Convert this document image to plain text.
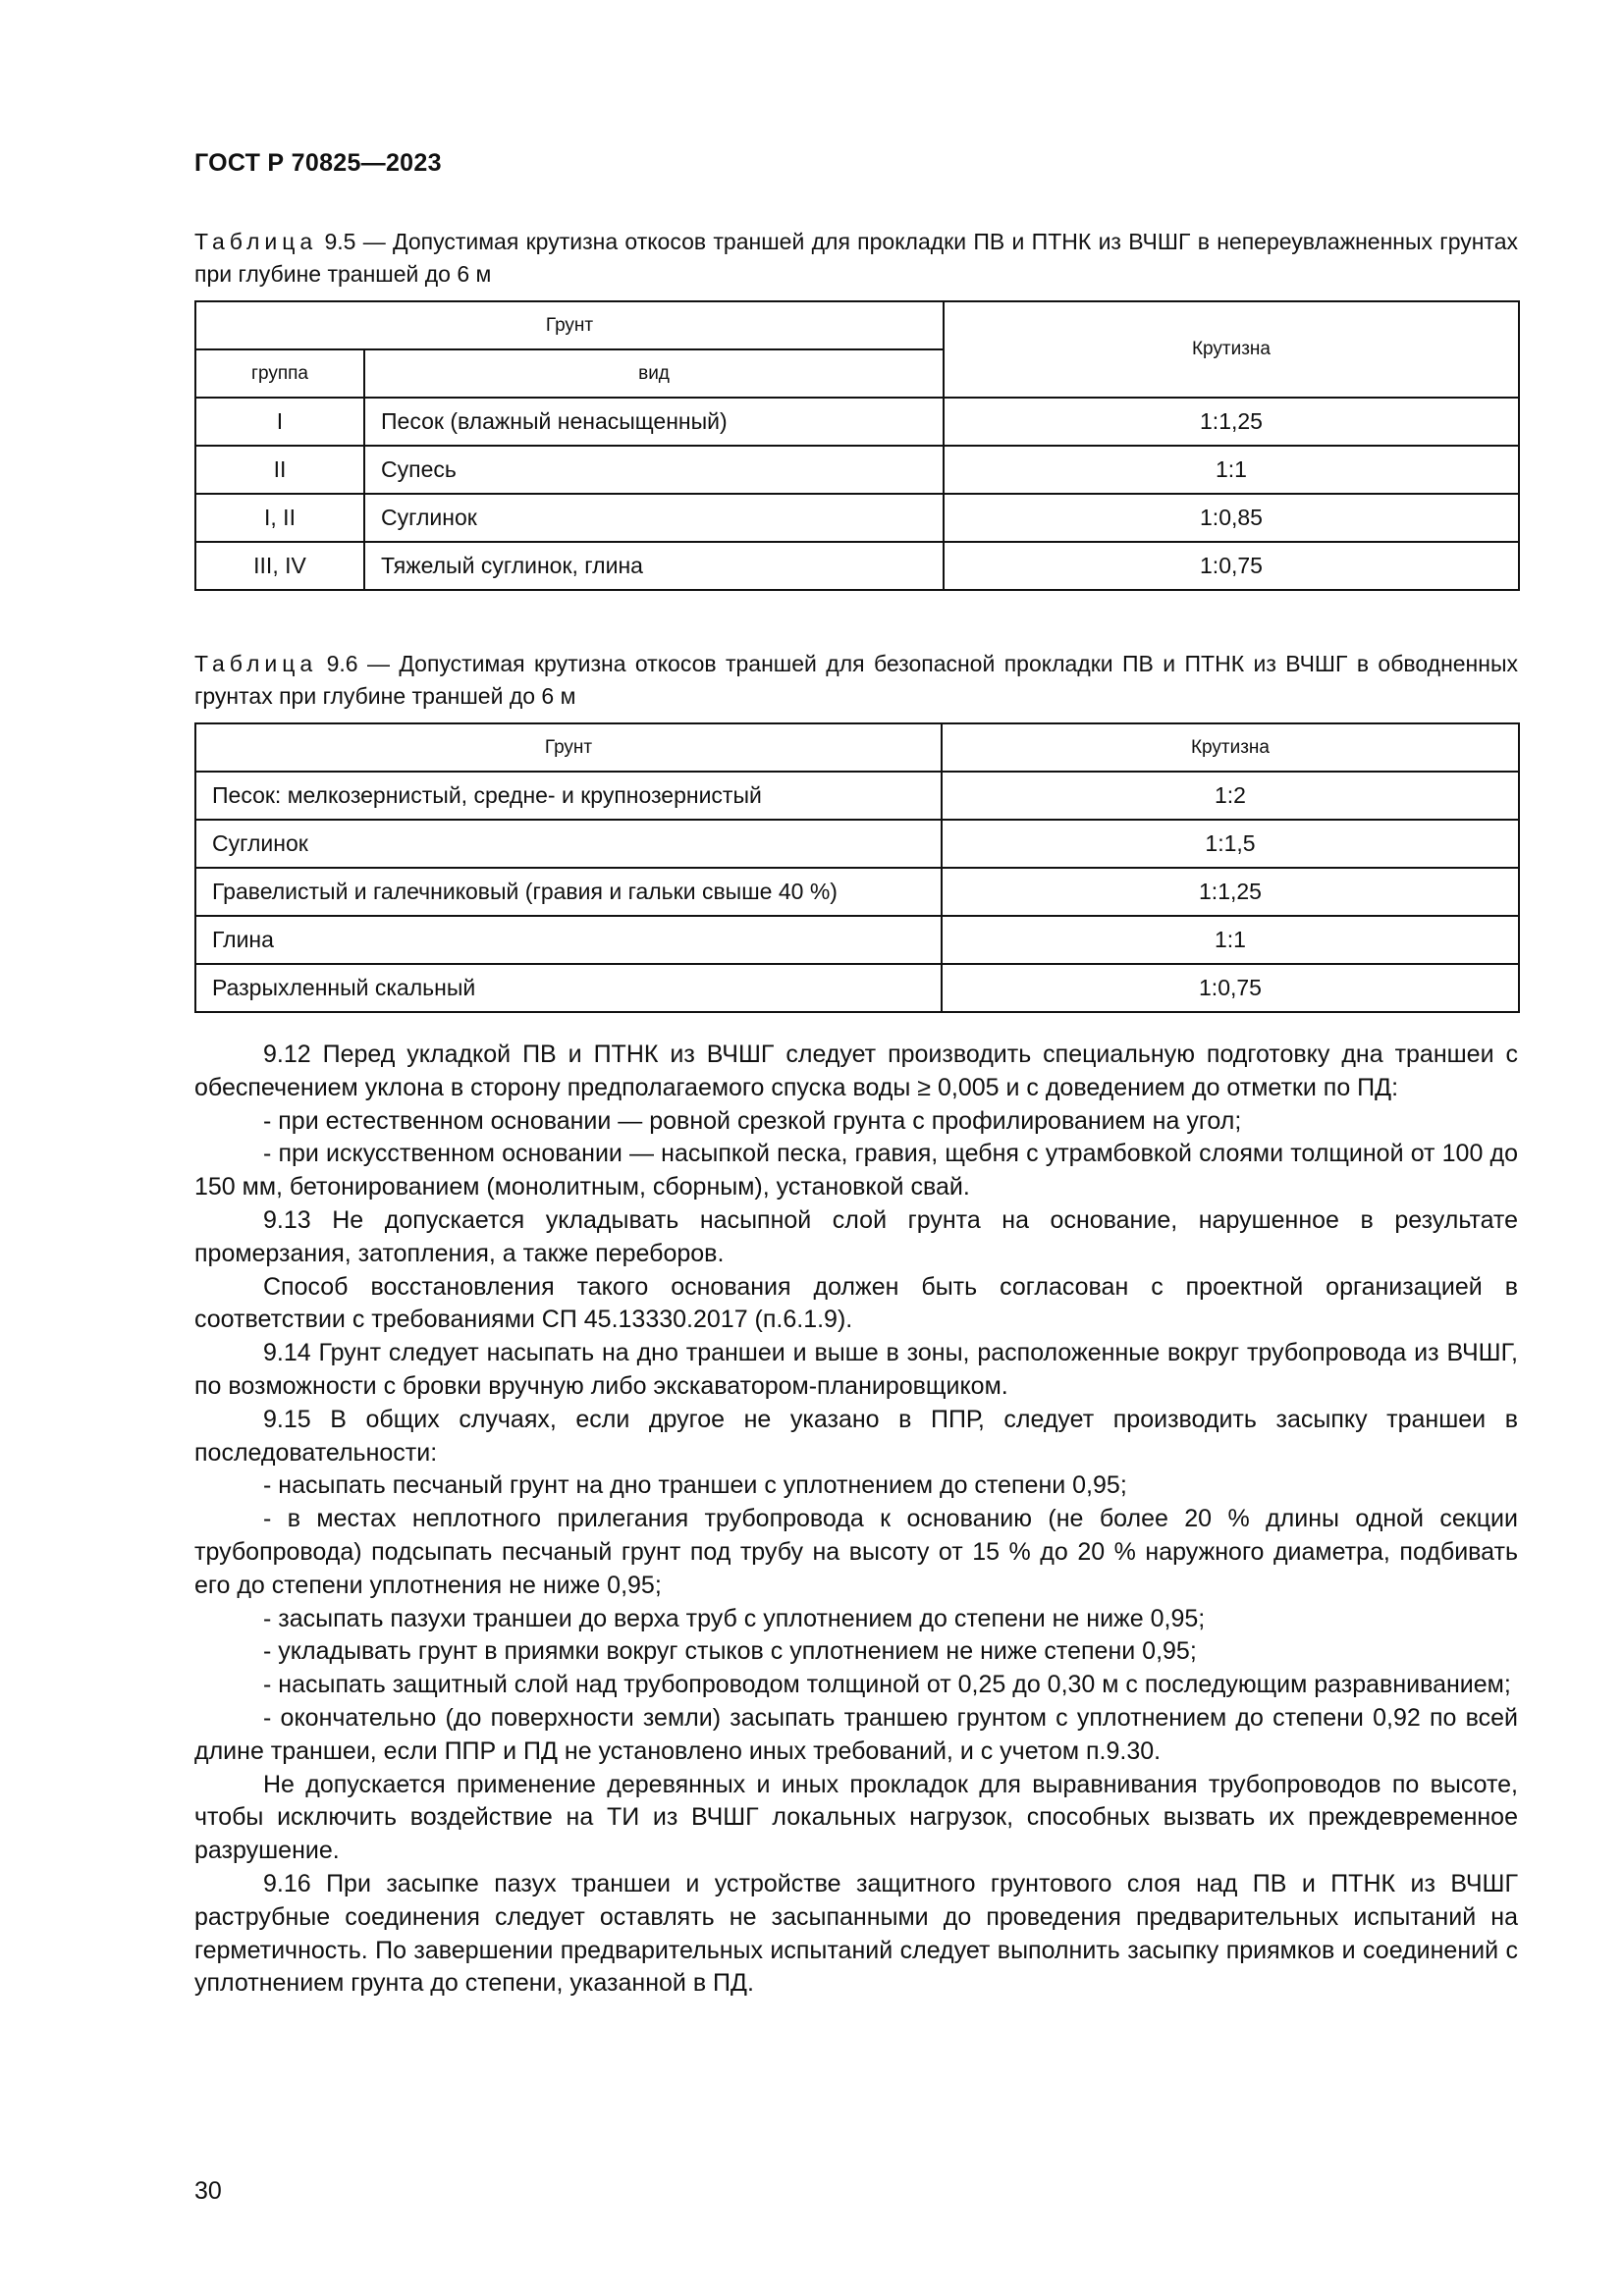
ГОСТ Р 70825—2023
Таблица 9.5 — Допустимая крутизна откосов траншей для прокладки ПВ и ПТНК из ВЧШГ в непереувлажненных грунтах при глубине траншей до 6 м
Грунт		Крутизна
группа	вид	
I	Песок (влажный ненасыщенный)	1:1,25
II	Супесь	1:1
I, II	Суглинок	1:0,85
III, IV	Тяжелый суглинок, глина	1:0,75
Таблица 9.6 — Допустимая крутизна откосов траншей для безопасной прокладки ПВ и ПТНК из ВЧШГ в обводненных грунтах при глубине траншей до 6 м
Грунт	Крутизна
Песок: мелкозернистый, средне- и крупнозернистый	1:2
Суглинок	1:1,5
Гравелистый и галечниковый (гравия и гальки свыше 40 %)	1:1,25
Глина	1:1
Разрыхленный скальный	1:0,75

9.12 Перед укладкой ПВ и ПТНК из ВЧШГ следует производить специальную подготовку дна траншеи с обеспечением уклона в сторону предполагаемого спуска воды ≥ 0,005 и с доведением до отметки по ПД:

- при естественном основании — ровной срезкой грунта с профилированием на угол;

- при искусственном основании — насыпкой песка, гравия, щебня с утрамбовкой слоями толщиной от 100 до 150 мм, бетонированием (монолитным, сборным), установкой свай.

9.13 Не допускается укладывать насыпной слой грунта на основание, нарушенное в результате промерзания, затопления, а также переборов.

Способ восстановления такого основания должен быть согласован с проектной организацией в соответствии с требованиями СП 45.13330.2017 (п.6.1.9).

9.14 Грунт следует насыпать на дно траншеи и выше в зоны, расположенные вокруг трубопровода из ВЧШГ, по возможности с бровки вручную либо экскаватором-планировщиком.

9.15 В общих случаях, если другое не указано в ППР, следует производить засыпку траншеи в последовательности:

- насыпать песчаный грунт на дно траншеи с уплотнением до степени 0,95;

- в местах неплотного прилегания трубопровода к основанию (не более 20 % длины одной секции трубопровода) подсыпать песчаный грунт под трубу на высоту от 15 % до 20 % наружного диаметра, подбивать его до степени уплотнения не ниже 0,95;

- засыпать пазухи траншеи до верха труб с уплотнением до степени не ниже 0,95;

- укладывать грунт в приямки вокруг стыков с уплотнением не ниже степени 0,95;

- насыпать защитный слой над трубопроводом толщиной от 0,25 до 0,30 м с последующим разравниванием;

- окончательно (до поверхности земли) засыпать траншею грунтом с уплотнением до степени 0,92 по всей длине траншеи, если ППР и ПД не установлено иных требований, и с учетом п.9.30.

Не допускается применение деревянных и иных прокладок для выравнивания трубопроводов по высоте, чтобы исключить воздействие на ТИ из ВЧШГ локальных нагрузок, способных вызвать их преждевременное разрушение.

9.16 При засыпке пазух траншеи и устройстве защитного грунтового слоя над ПВ и ПТНК из ВЧШГ раструбные соединения следует оставлять не засыпанными до проведения предварительных испытаний на герметичность. По завершении предварительных испытаний следует выполнить засыпку приямков и соединений с уплотнением грунта до степени, указанной в ПД.

30
